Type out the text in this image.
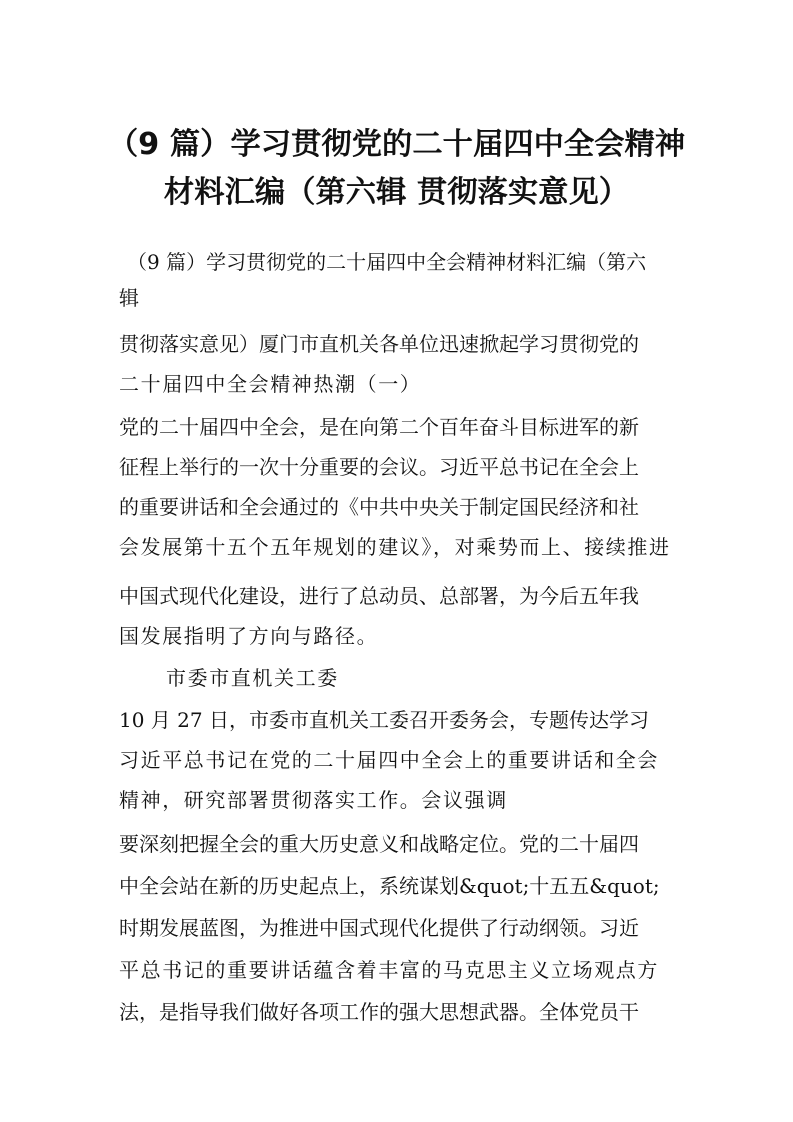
（9 篇）学习贯彻党的二十届四中全会精神
材料汇编（第六辑 贯彻落实意见）
（9 篇）学习贯彻党的二十届四中全会精神材料汇编（第六
辑
贯彻落实意见）厦门市直机关各单位迅速掀起学习贯彻党的
二十届四中全会精神热潮（一）
党的二十届四中全会，是在向第二个百年奋斗目标进军的新
征程上举行的一次十分重要的会议。习近平总书记在全会上
的重要讲话和全会通过的《中共中央关于制定国民经济和社
会发展第十五个五年规划的建议》，对乘势而上、接续推进
中国式现代化建设，进行了总动员、总部署，为今后五年我
国发展指明了方向与路径。
市委市直机关工委
10 月 27 日，市委市直机关工委召开委务会，专题传达学习
习近平总书记在党的二十届四中全会上的重要讲话和全会
精神，研究部署贯彻落实工作。会议强调
要深刻把握全会的重大历史意义和战略定位。党的二十届四
中全会站在新的历史起点上，系统谋划&quot;十五五&quot;
时期发展蓝图，为推进中国式现代化提供了行动纲领。习近
平总书记的重要讲话蕴含着丰富的马克思主义立场观点方
法，是指导我们做好各项工作的强大思想武器。全体党员干
